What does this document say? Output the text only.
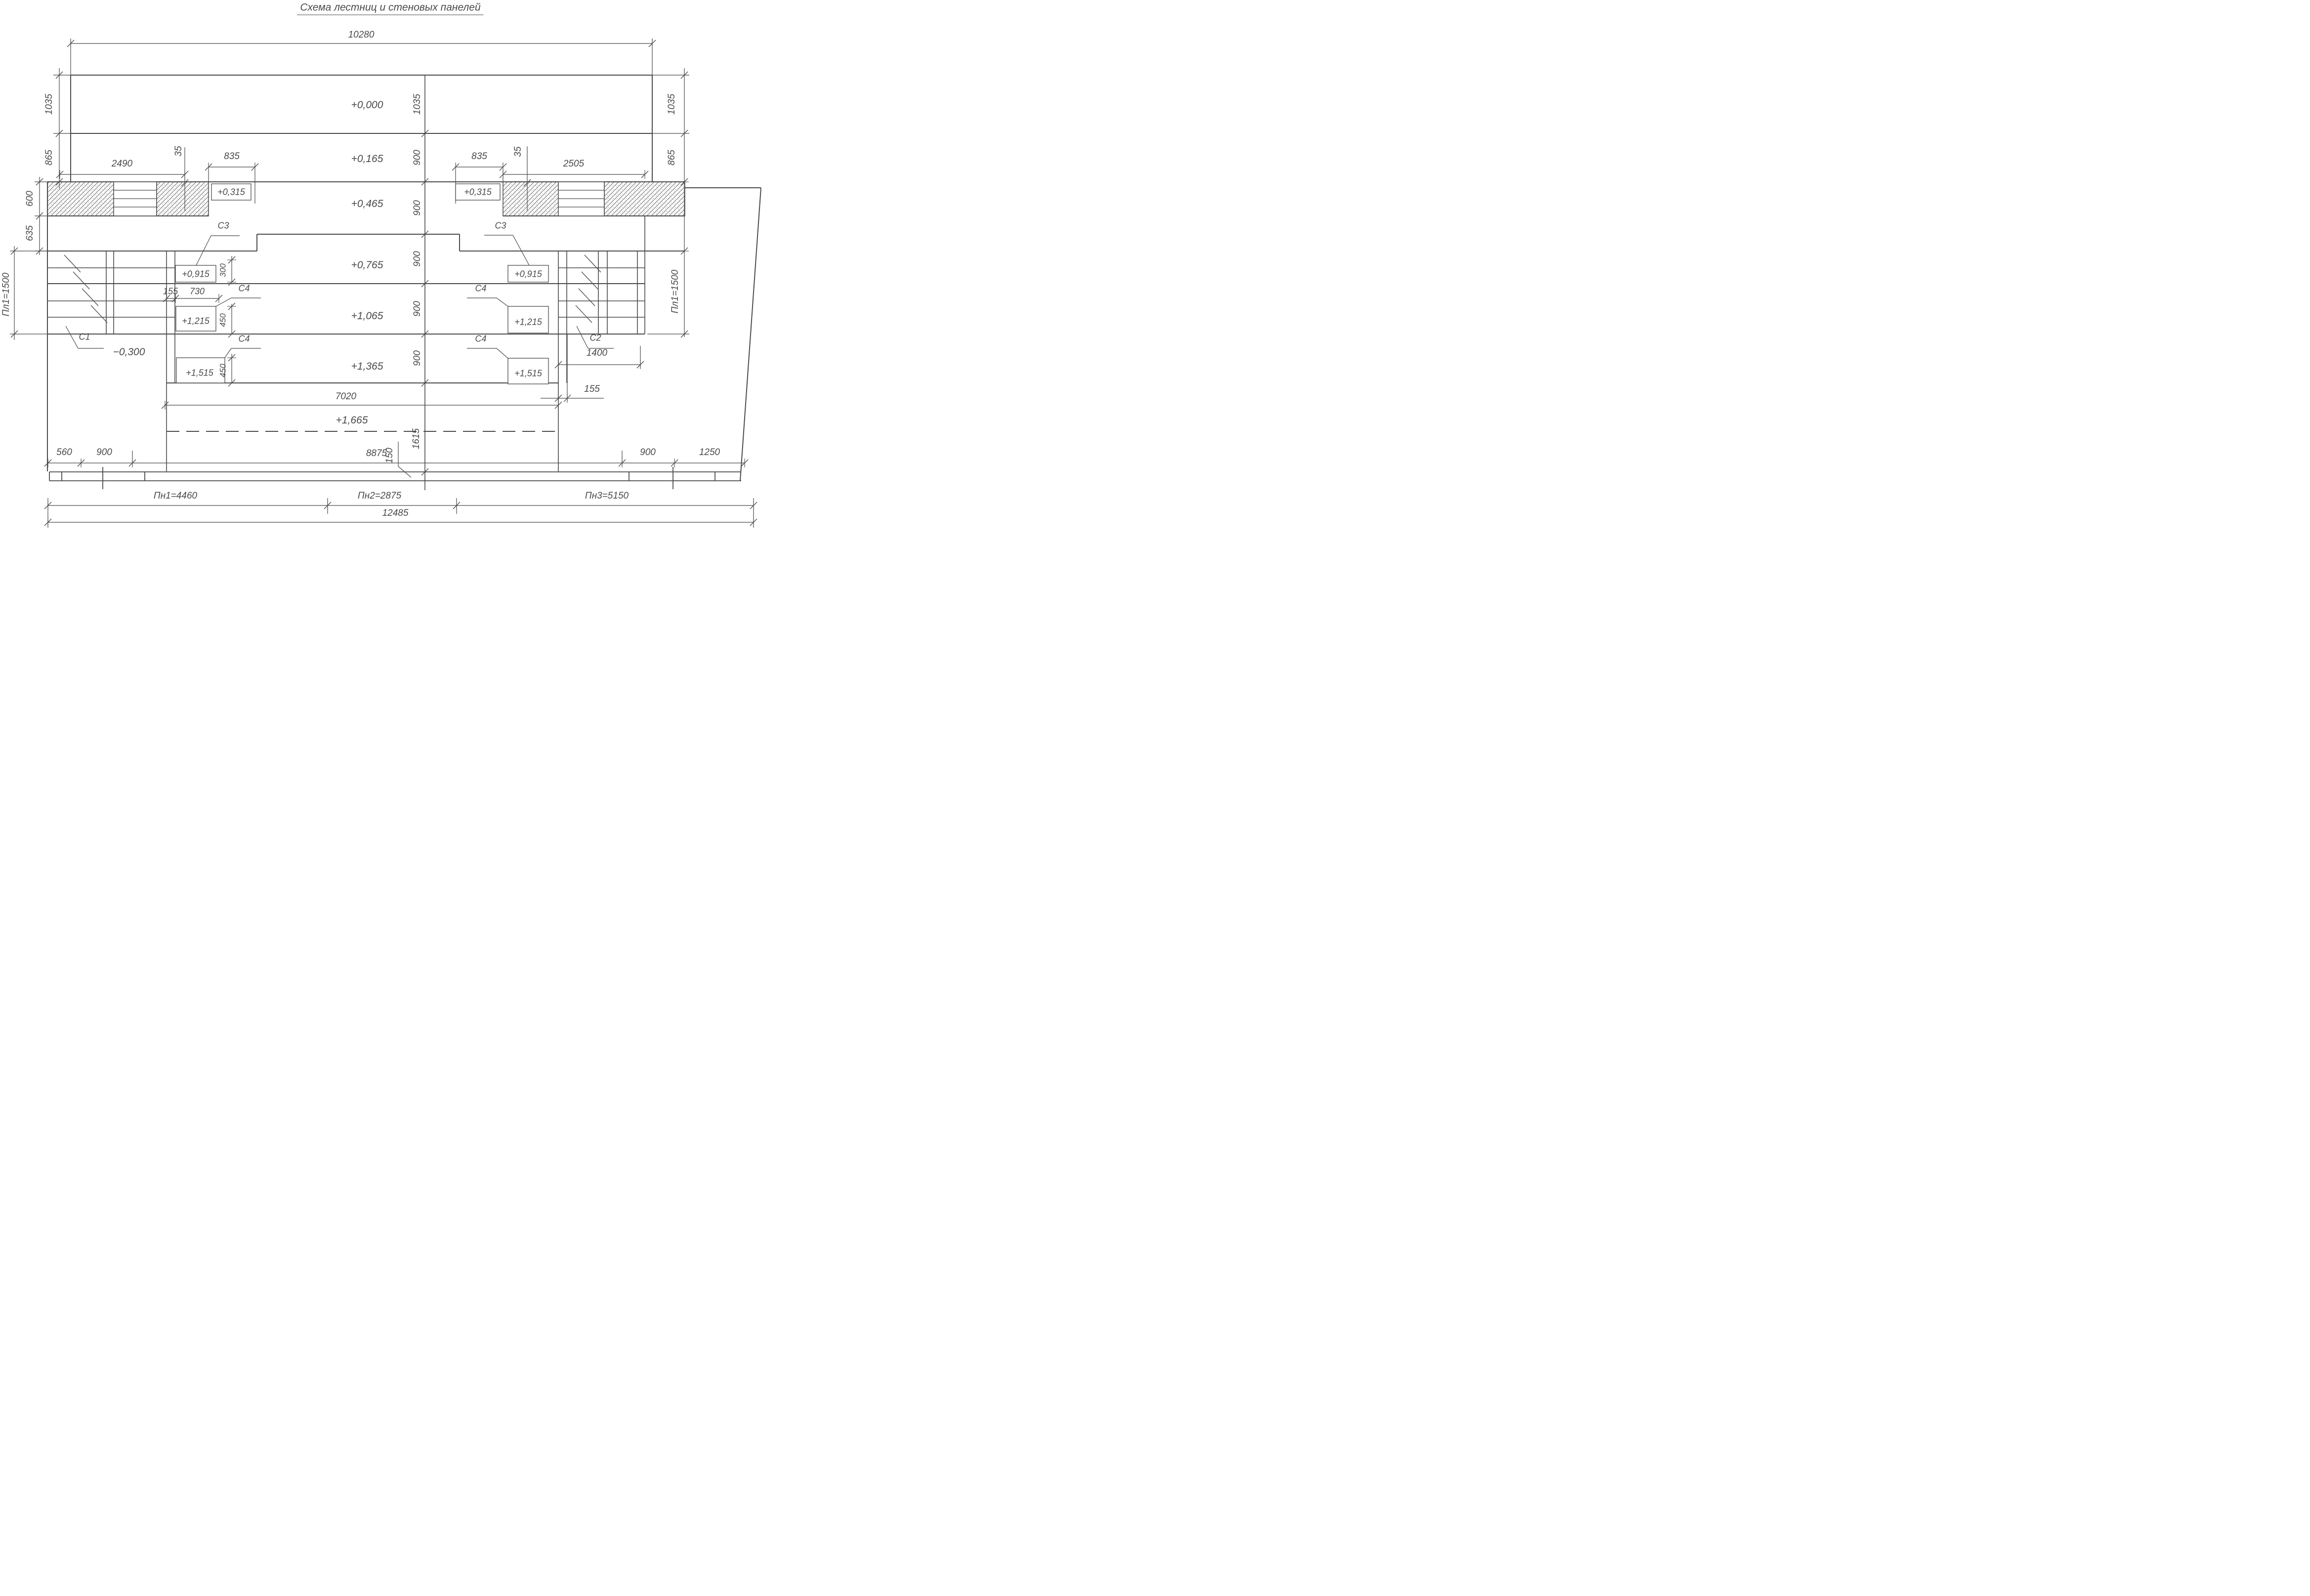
Схема лестниц и стеновых панелей
10280
+0,000
+0,165
+0,465
+0,765
+1,065
+1,365
+1,665
−0,300
+0,315	+0,315
+0,915	+0,915
+1,215	+1,215
+1,515	+1,515
С1	С2
С3	С3
С4
С4
С4
С4
2490
835	835
2505
155 730
1400
155
7020
8875
560	900	900	1250
Пн1=4460	Пн2=2875	Пн3=5150
12485
1035
865
600
635
Пл1=1500
1035
865
Пл1=1500
35	35
1035
900
900
900
900
900
1615
150
300
450
450
